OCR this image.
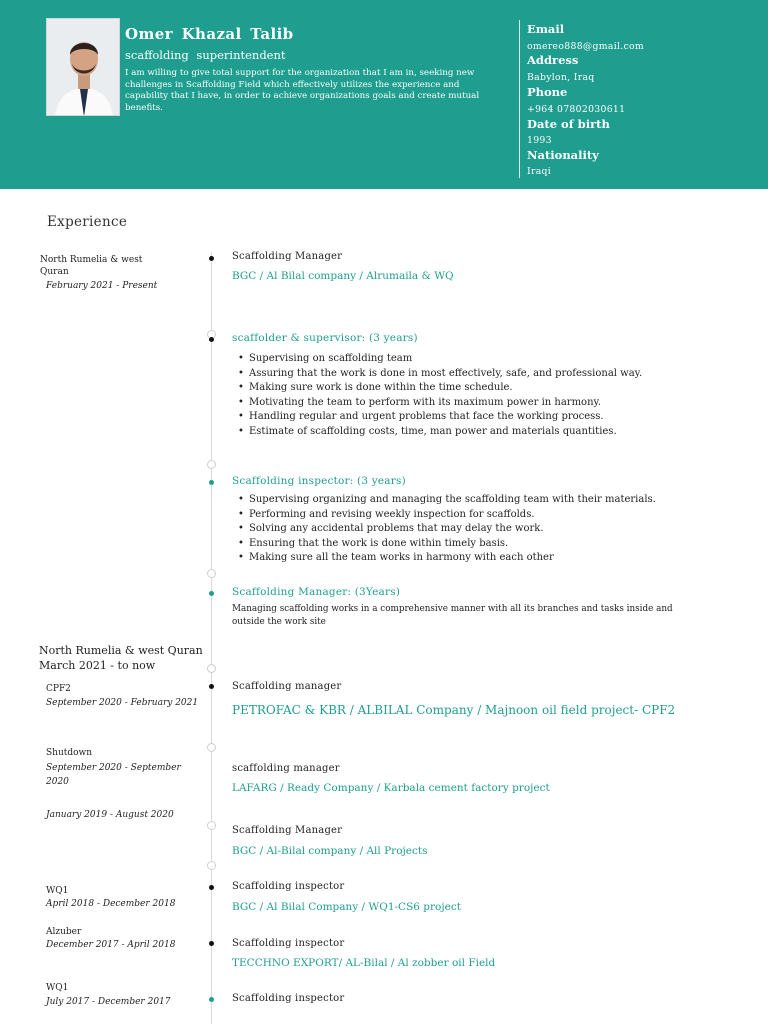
Omer Khazal Talib
scaffolding superintendent
I am willing to give total support for the organization that I am in, seeking new challenges in Scaffolding Field which effectively utilizes the experience and capability that I have, in order to achieve organizations goals and create mutual benefits.
Email
omereo888@gmail.com
Address
Babylon, Iraq
Phone
+964 07802030611
Date of birth
1993
Nationality
Iraqi
Experience
North Rumelia & west
Quran
February 2021 - Present
North Rumelia & west Quran
March 2021 - to now
CPF2
September 2020 - February 2021
Shutdown
September 2020 - September
2020
January 2019 - August 2020
WQ1
April 2018 - December 2018
Alzuber
December 2017 - April 2018
WQ1
July 2017 - December 2017
Scaffolding Manager
BGC / Al Bilal company / Alrumaila & WQ
scaffolder & supervisor: (3 years)
• Supervising on scaffolding team
• Assuring that the work is done in most effectively, safe, and professional way.
• Making sure work is done within the time schedule.
• Motivating the team to perform with its maximum power in harmony.
• Handling regular and urgent problems that face the working process.
• Estimate of scaffolding costs, time, man power and materials quantities.
Scaffolding inspector: (3 years)
• Supervising organizing and managing the scaffolding team with their materials.
• Performing and revising weekly inspection for scaffolds.
• Solving any accidental problems that may delay the work.
• Ensuring that the work is done within timely basis.
• Making sure all the team works in harmony with each other
Scaffolding Manager: (3Years)
Managing scaffolding works in a comprehensive manner with all its branches and tasks inside and outside the work site
Scaffolding manager
PETROFAC & KBR / ALBILAL Company / Majnoon oil field project- CPF2
scaffolding manager
LAFARG / Ready Company / Karbala cement factory project
Scaffolding Manager
BGC / Al-Bilal company / All Projects
Scaffolding inspector
BGC / Al Bilal Company / WQ1-CS6 project
Scaffolding inspector
TECCHNO EXPORT/ AL-Bilal / Al zobber oil Field
Scaffolding inspector
